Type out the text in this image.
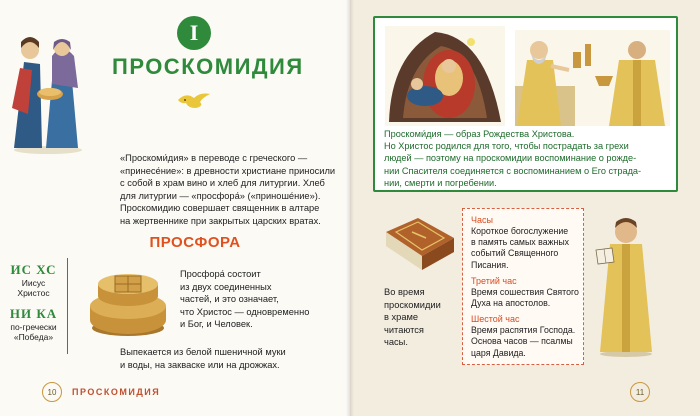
I
ПРОСКОМИДИЯ
«Проскоми́дия» в переводе с греческого —
«принесе́ние»: в древности христиане приносили
с собой в храм вино и хлеб для литургии. Хлеб
для литургии — «просфора́» («приноше́ние»).
Проскомидию совершает священник в алтаре
на жертвеннике при закрытых царских вратах.
ПРОСФОРА
ИС ХС
Иисус Христос
НИ КА
по-гречески
«Победа»
Просфора́ состоит
из двух соединенных
частей, и это означает,
что Христос — одновременно
и Бог, и Человек.
Выпекается из белой пшеничной муки
и воды, на закваске или на дрожжах.
10	ПРОСКОМИДИЯ
Проскоми́дия — образ Рождества Христова.
Но Христос родился для того, чтобы пострадать за грехи
людей — поэтому на проскомидии воспоминание о рожде-
нии Спасителя соединяется с воспоминанием о Его страда-
нии, смерти и погребении.
Во время
проскомидии
в храме
читаются
часы.
Часы
Короткое богослужение
в память самых важных
событий Священного
Писания.
Третий час
Время сошествия Святого
Духа на апостолов.
Шестой час
Время распятия Господа.
Основа часов — псалмы
царя Давида.
11
